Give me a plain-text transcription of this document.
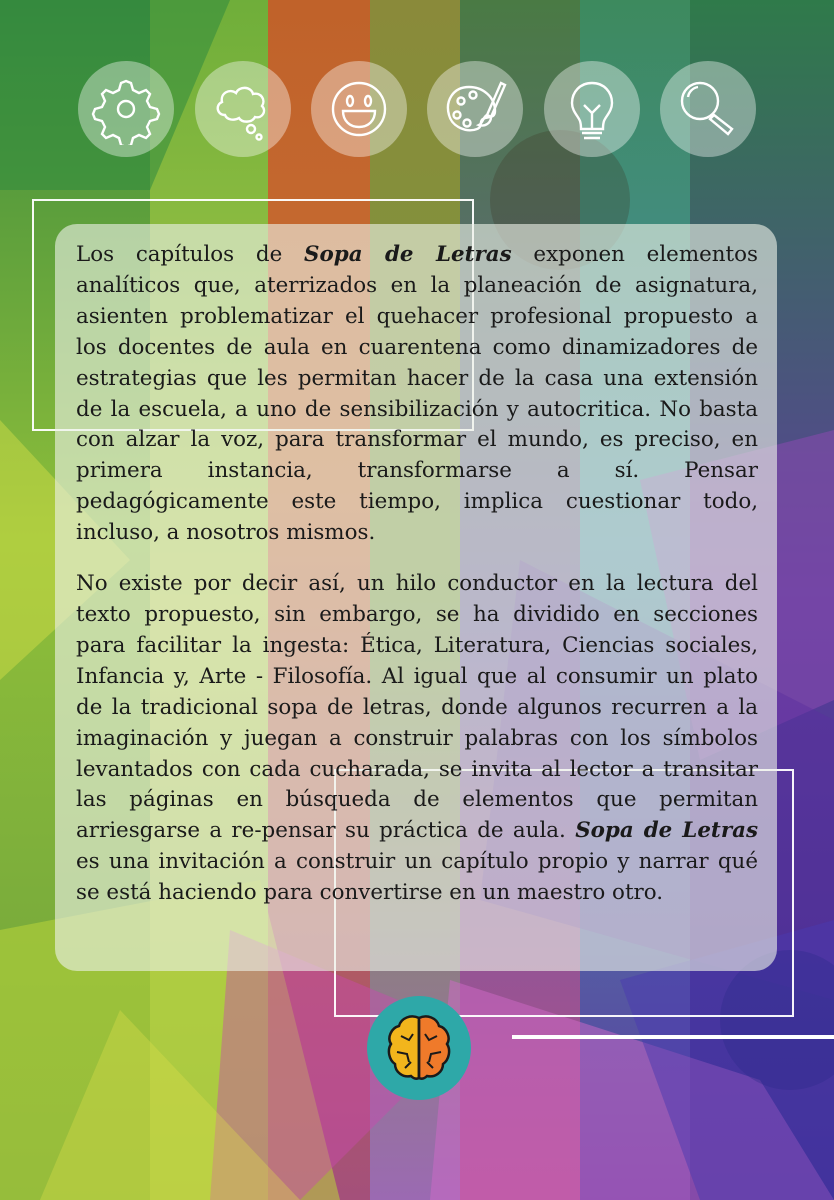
Los capítulos de Sopa de Letras exponen elementos analíticos que, aterrizados en la planeación de asignatura, asienten problematizar el quehacer profesional propuesto a los docentes de aula en cuarentena como dinamizadores de estrategias que les permitan hacer de la casa una extensión de la escuela, a uno de sensibilización y autocritica. No basta con alzar la voz, para transformar el mundo, es preciso, en primera instancia, transformarse a sí. Pensar pedagógicamente este tiempo, implica cuestionar todo, incluso, a nosotros mismos.

No existe por decir así, un hilo conductor en la lectura del texto propuesto, sin embargo, se ha dividido en secciones para facilitar la ingesta: Ética, Literatura, Ciencias sociales, Infancia y, Arte - Filosofía. Al igual que al consumir un plato de la tradicional sopa de letras, donde algunos recurren a la imaginación y juegan a construir palabras con los símbolos levantados con cada cucharada, se invita al lector a transitar las páginas en búsqueda de elementos que permitan arriesgarse a re-pensar su práctica de aula. Sopa de Letras es una invitación a construir un capítulo propio y narrar qué se está haciendo para convertirse en un maestro otro.
